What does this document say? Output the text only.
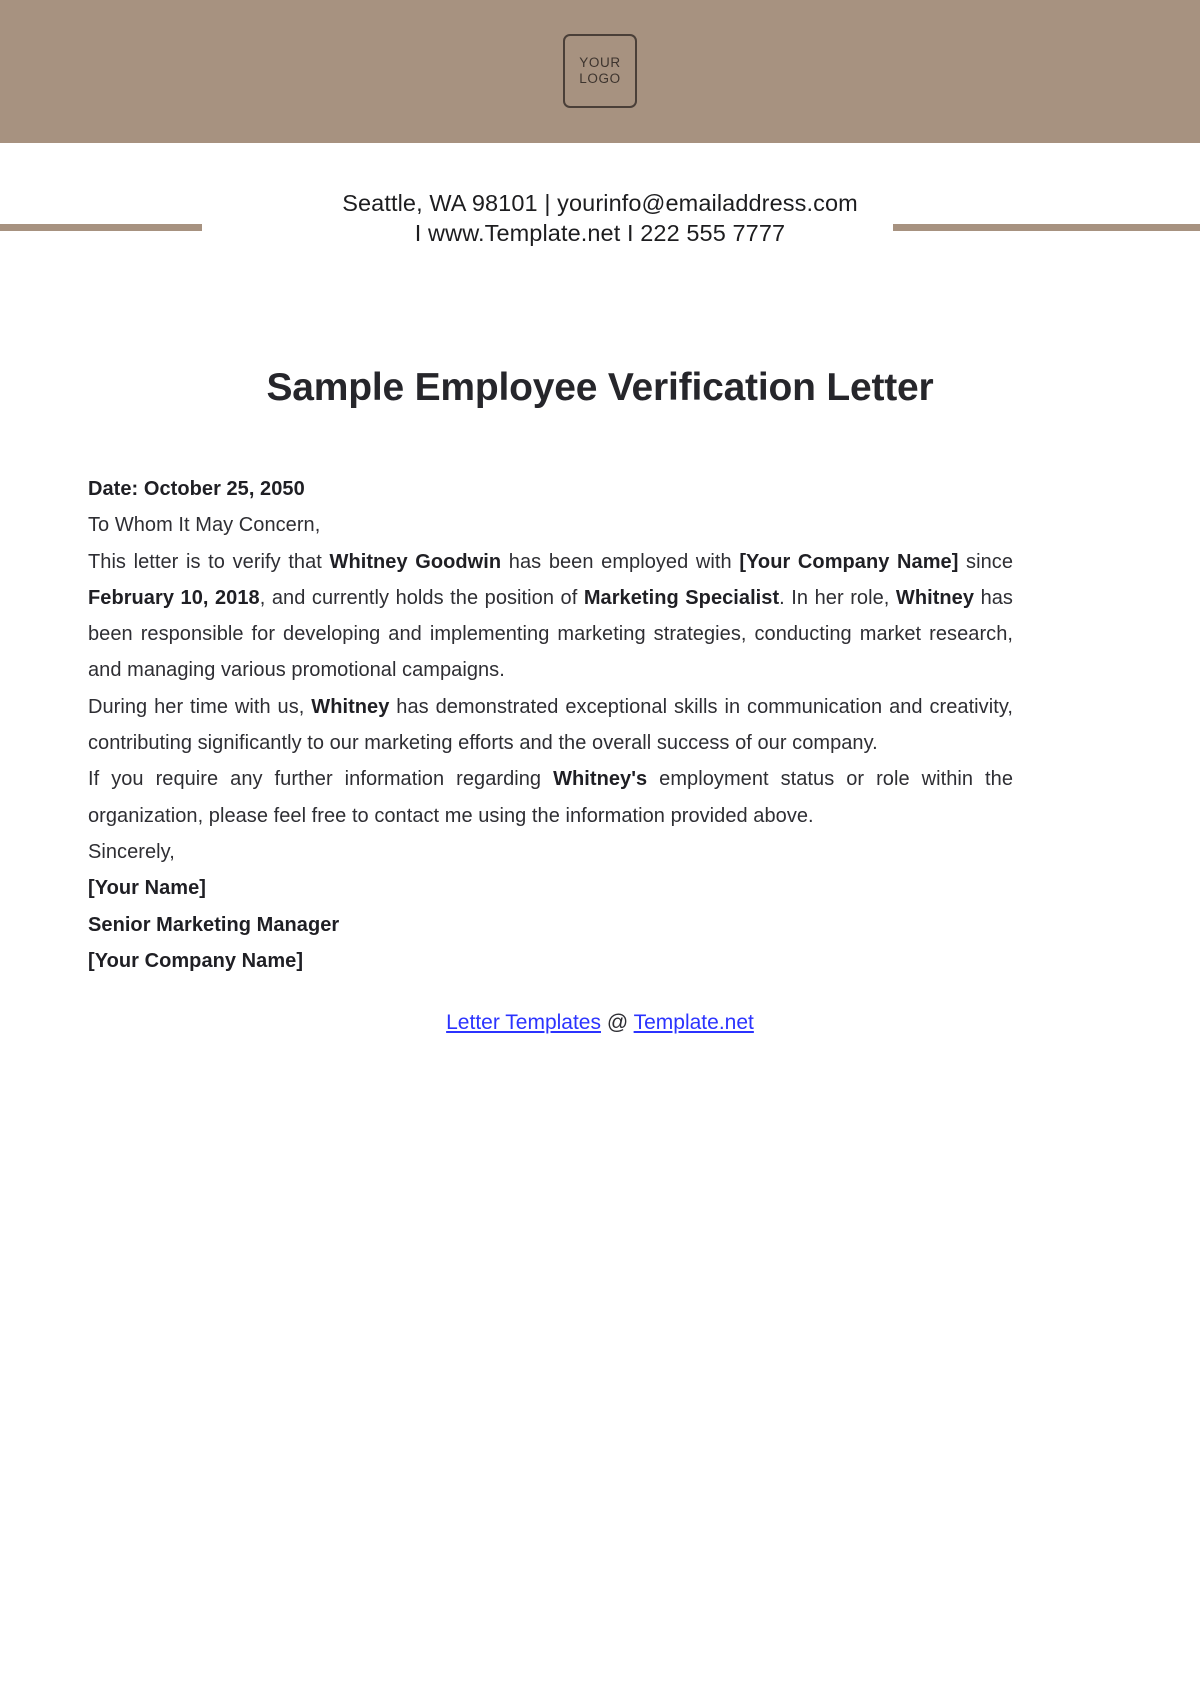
YOUR
LOGO
Seattle, WA 98101 | yourinfo@emailaddress.com
I www.Template.net I 222 555 7777
Sample Employee Verification Letter

Date: October 25, 2050

To Whom It May Concern,

This letter is to verify that Whitney Goodwin has been employed with [Your Company Name] since February 10, 2018, and currently holds the position of Marketing Specialist. In her role, Whitney has been responsible for developing and implementing marketing strategies, conducting market research, and managing various promotional campaigns.

During her time with us, Whitney has demonstrated exceptional skills in communication and creativity, contributing significantly to our marketing efforts and the overall success of our company.

If you require any further information regarding Whitney's employment status or role within the organization, please feel free to contact me using the information provided above.

Sincerely,

[Your Name]

Senior Marketing Manager

[Your Company Name]

Letter Templates @ Template.net
